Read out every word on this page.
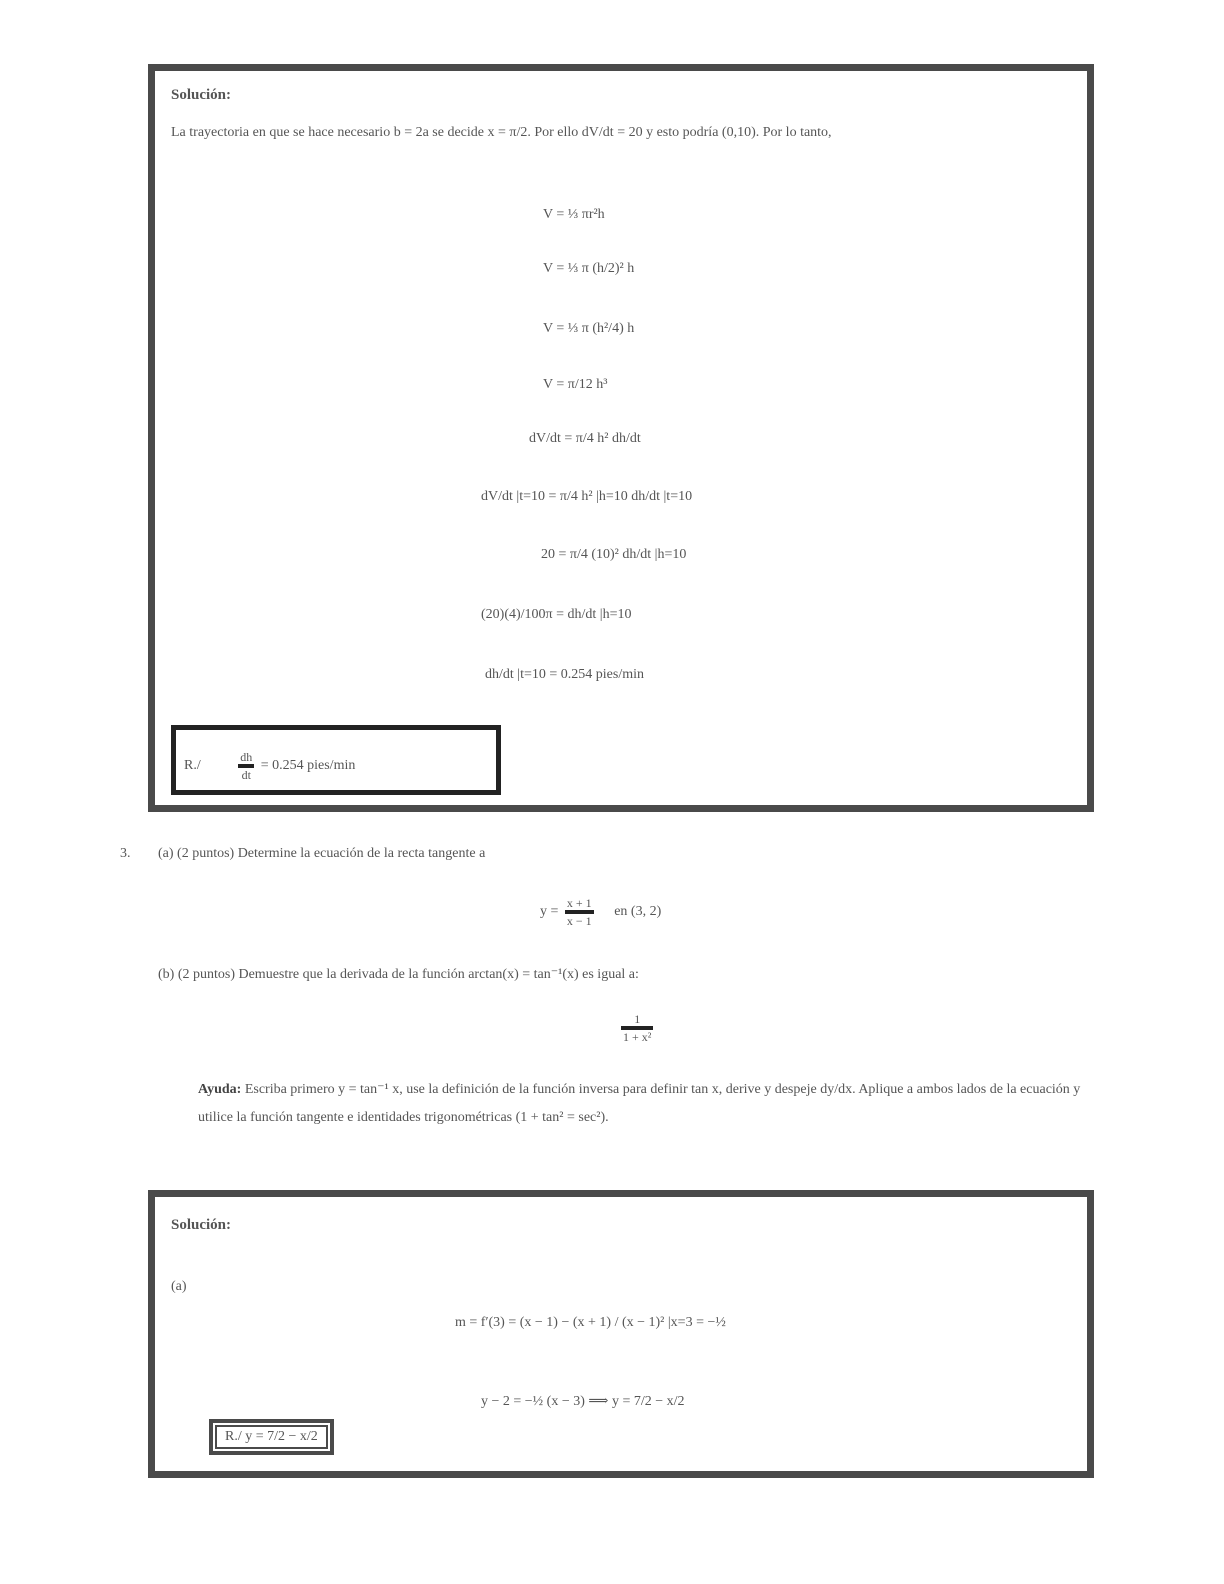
Solución:
La trayectoria en que se hace necesario b = 2a se decide x = π/2. Por ello dV/dt = 20 y esto podría (0,10). Por lo tanto,
V = ⅓ πr²h
V = ⅓ π (h/2)² h
V = ⅓ π (h²/4) h
V = π/12 h³
dV/dt = π/4 h² dh/dt
dV/dt |t=10 = π/4 h² |h=10 dh/dt |t=10
20 = π/4 (10)² dh/dt |h=10
(20)(4)/100π = dh/dt |h=10
dh/dt |t=10 = 0.254 pies/min
R./	$\frac{dh}{dt} = 0.254$ pies/min
3. (a) (2 puntos) Determine la ecuación de la recta tangente a
$y = \frac{x + 1}{x - 1}$ en (3, 2)
(b) (2 puntos) Demuestre que la derivada de la función arctan(x) = tan⁻¹(x) es igual a:
$\frac{1}{\text{1 + x²}}$
Ayuda: Escriba primero y = tan⁻¹ x, use la definición de la función inversa para definir tan x, derive y despeje dy/dx. Aplique a ambos lados de la ecuación y utilice la función tangente e identidades trigonométricas (1 + tan² = sec²).
Solución:
(a)
m = f′(3) = (x − 1) − (x + 1) / (x − 1)² |x=3 = −½
y − 2 = −½ (x − 3) ⟹ y = 7/2 − x/2
R./ y = 7/2 − x/2
